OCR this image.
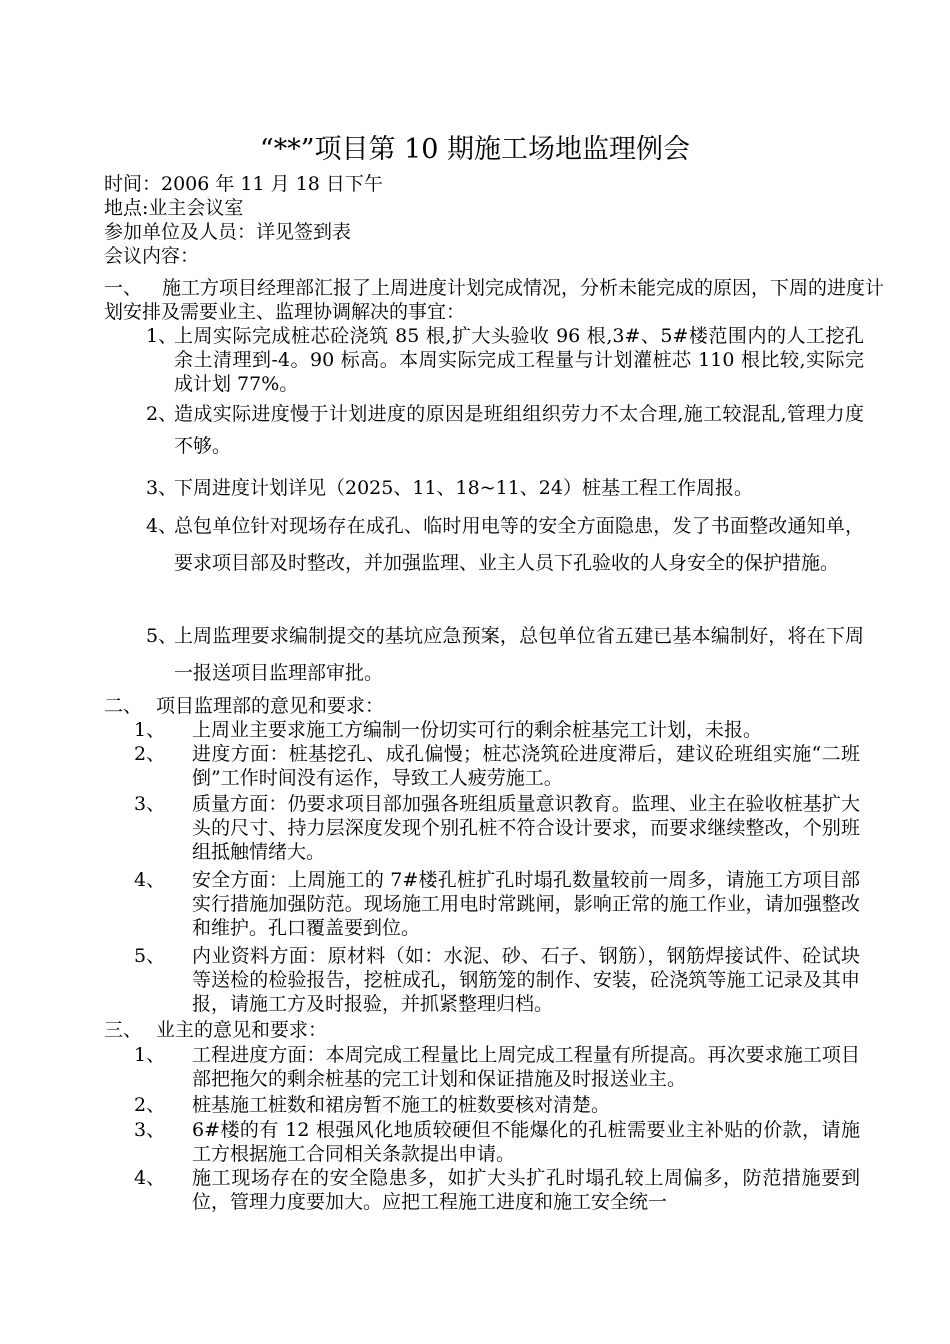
“**”项目第 10 期施工场地监理例会
时间：2006 年 11 月 18 日下午
地点:业主会议室
参加单位及人员：详见签到表
会议内容：
一、 施工方项目经理部汇报了上周进度计划完成情况，分析未能完成的原因，下周的进度计划安排及需要业主、监理协调解决的事宜：
1、
上周实际完成桩芯砼浇筑 85 根,扩大头验收 96 根,3#、5#楼范围内的人工挖孔余土清理到-4。90 标高。本周实际完成工程量与计划灌桩芯 110 根比较,实际完成计划 77%。
2、
造成实际进度慢于计划进度的原因是班组组织劳力不太合理,施工较混乱,管理力度不够。
3、
下周进度计划详见（2025、11、18~11、24）桩基工程工作周报。
4、
总包单位针对现场存在成孔、临时用电等的安全方面隐患，发了书面整改通知单，要求项目部及时整改，并加强监理、业主人员下孔验收的人身安全的保护措施。
5、
上周监理要求编制提交的基坑应急预案，总包单位省五建已基本编制好，将在下周一报送项目监理部审批。
二、 项目监理部的意见和要求：
1、 上周业主要求施工方编制一份切实可行的剩余桩基完工计划，未报。
2、 进度方面：桩基挖孔、成孔偏慢；桩芯浇筑砼进度滞后，建议砼班组实施“二班倒”工作时间没有运作，导致工人疲劳施工。
3、 质量方面：仍要求项目部加强各班组质量意识教育。监理、业主在验收桩基扩大头的尺寸、持力层深度发现个别孔桩不符合设计要求，而要求继续整改，个别班组抵触情绪大。
4、 安全方面：上周施工的 7#楼孔桩扩孔时塌孔数量较前一周多，请施工方项目部实行措施加强防范。现场施工用电时常跳闸，影响正常的施工作业，请加强整改和维护。孔口覆盖要到位。
5、 内业资料方面：原材料（如：水泥、砂、石子、钢筋），钢筋焊接试件、砼试块等送检的检验报告，挖桩成孔，钢筋笼的制作、安装，砼浇筑等施工记录及其申报，请施工方及时报验，并抓紧整理归档。
三、 业主的意见和要求：
1、 工程进度方面：本周完成工程量比上周完成工程量有所提高。再次要求施工项目部把拖欠的剩余桩基的完工计划和保证措施及时报送业主。
2、 桩基施工桩数和裙房暂不施工的桩数要核对清楚。
3、 6#楼的有 12 根强风化地质较硬但不能爆化的孔桩需要业主补贴的价款，请施工方根据施工合同相关条款提出申请。
4、 施工现场存在的安全隐患多，如扩大头扩孔时塌孔较上周偏多，防范措施要到位，管理力度要加大。应把工程施工进度和施工安全统一
